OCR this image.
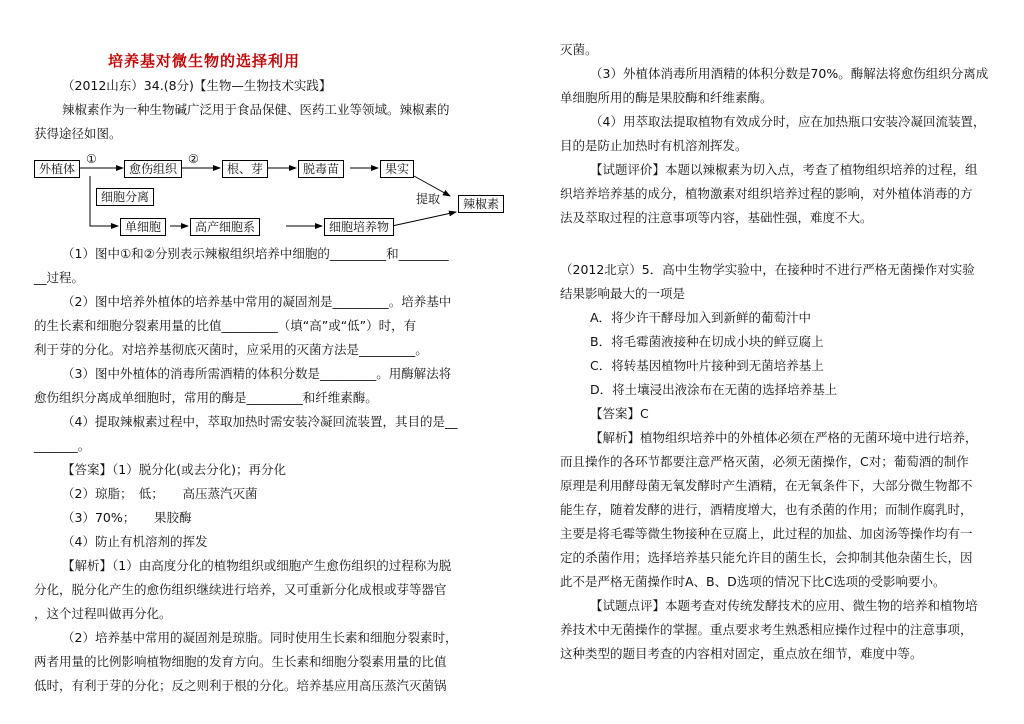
培养基对微生物的选择利用
（2012山东）34.(8分)【生物—生物技术实践】
辣椒素作为一种生物碱广泛用于食品保健、医药工业等领域。辣椒素的
获得途径如图。
外植体
①
愈伤组织
②
根、芽	脱毒苗	果实
提取	辣椒素
细胞分离
单细胞	高产细胞系	细胞培养物
（1）图中①和②分别表示辣椒组织培养中细胞的_________和________
__过程。
（2）图中培养外植体的培养基中常用的凝固剂是_________。培养基中
的生长素和细胞分裂素用量的比值_________（填“高”或“低”）时，有
利于芽的分化。对培养基彻底灭菌时，应采用的灭菌方法是_________。
（3）图中外植体的消毒所需酒精的体积分数是_________。用酶解法将
愈伤组织分离成单细胞时，常用的酶是_________和纤维素酶。
（4）提取辣椒素过程中，萃取加热时需安装冷凝回流装置，其目的是__
_______。
【答案】（1）脱分化(或去分化)；再分化
（2）琼脂；　低；　　高压蒸汽灭菌
（3）70%；　　果胶酶
（4）防止有机溶剂的挥发
【解析】（1）由高度分化的植物组织或细胞产生愈伤组织的过程称为脱
分化，脱分化产生的愈伤组织继续进行培养，又可重新分化成根或芽等器官
，这个过程叫做再分化。
（2）培养基中常用的凝固剂是琼脂。同时使用生长素和细胞分裂素时，
两者用量的比例影响植物细胞的发育方向。生长素和细胞分裂素用量的比值
低时，有利于芽的分化；反之则利于根的分化。培养基应用高压蒸汽灭菌锅
灭菌。
（3）外植体消毒所用酒精的体积分数是70%。酶解法将愈伤组织分离成
单细胞所用的酶是果胶酶和纤维素酶。
（4）用萃取法提取植物有效成分时，应在加热瓶口安装冷凝回流装置，
目的是防止加热时有机溶剂挥发。
【试题评价】本题以辣椒素为切入点，考查了植物组织培养的过程，组
织培养培养基的成分，植物激素对组织培养过程的影响，对外植体消毒的方
法及萃取过程的注意事项等内容，基础性强，难度不大。
（2012北京）5．高中生物学实验中，在接种时不进行严格无菌操作对实验
结果影响最大的一项是
A．将少许干酵母加入到新鲜的葡萄汁中
B．将毛霉菌液接种在切成小块的鲜豆腐上
C．将转基因植物叶片接种到无菌培养基上
D．将土壤浸出液涂布在无菌的选择培养基上
【答案】C
【解析】植物组织培养中的外植体必须在严格的无菌环境中进行培养，
而且操作的各环节都要注意严格灭菌，必须无菌操作，C对；葡萄酒的制作
原理是利用酵母菌无氧发酵时产生酒精，在无氧条件下，大部分微生物都不
能生存，随着发酵的进行，酒精度增大，也有杀菌的作用；而制作腐乳时，
主要是将毛霉等微生物接种在豆腐上，此过程的加盐、加卤汤等操作均有一
定的杀菌作用；选择培养基只能允许目的菌生长，会抑制其他杂菌生长，因
此不是严格无菌操作时A、B、D选项的情况下比C选项的受影响要小。
【试题点评】本题考查对传统发酵技术的应用、微生物的培养和植物培
养技术中无菌操作的掌握。重点要求考生熟悉相应操作过程中的注意事项，
这种类型的题目考查的内容相对固定，重点放在细节，难度中等。
